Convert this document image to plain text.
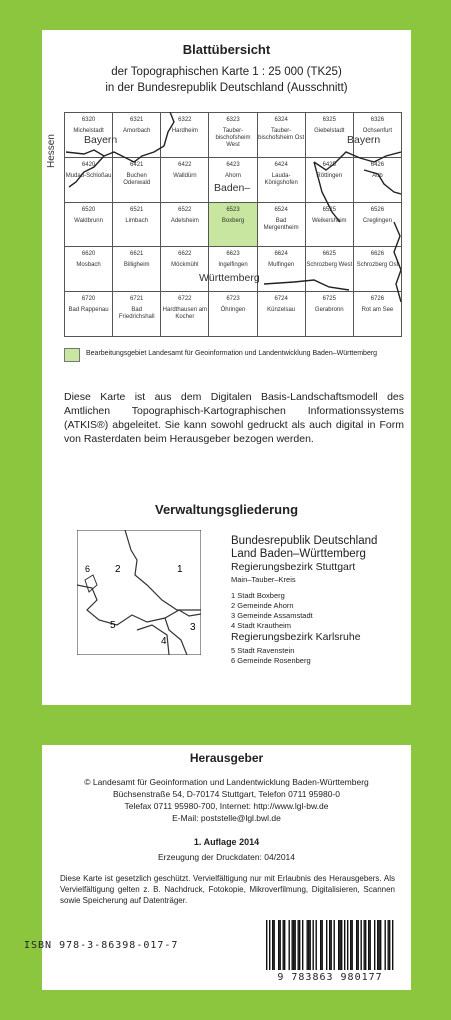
Blattübersicht
der Topographischen Karte 1 : 25 000 (TK25)
in der Bundesrepublik Deutschland (Ausschnitt)
6320
Michelstadt
6321
Amorbach
6322
Hardheim
6323
Tauber-bischofsheim West
6324
Tauber-bischofsheim Ost
6325
Giebelstadt
6326
Ochsenfurt
6420
Mudau-Schloßau
6421
Buchen Odenwald
6422
Walldürn
6423
Ahorn
6424
Lauda-Königshofen
6425
Röttingen
6426
Aub
6520
Waldbrunn
6521
Limbach
6522
Adelsheim
6523
Boxberg
6524
Bad Mergentheim
6525
Weikersheim
6526
Creglingen
6620
Mosbach
6621
Billigheim
6622
Möckmühl
6623
Ingelfingen
6624
Mulfingen
6625
Schrozberg West
6626
Schrozberg Ost
6720
Bad Rappenau
6721
Bad Friedrichshall
6722
Hardthausen am Kocher
6723
Öhringen
6724
Künzelsau
6725
Gerabronn
6726
Rot am See
Hessen	Bayern	Bayern
Baden–
Württemberg
Bearbeitungsgebiet Landesamt für Geoinformation und Landentwicklung Baden–Württemberg
Diese Karte ist aus dem Digitalen Basis-Landschaftsmodell des Amtlichen Topographisch-Kartographischen Informationssystems (ATKIS®) abgeleitet. Sie kann sowohl gedruckt als auch digital in Form von Rasterdaten beim Herausgeber bezogen werden.
Verwaltungsgliederung
1
2
3
4
5
6
Bundesrepublik Deutschland
Land Baden–Württemberg
Regierungsbezirk Stuttgart
Main–Tauber–Kreis
1 Stadt Boxberg
2 Gemeinde Ahorn
3 Gemeinde Assamstadt
4 Stadt Krautheim
Regierungsbezirk Karlsruhe
5 Stadt Ravenstein
6 Gemeinde Rosenberg
Herausgeber
© Landesamt für Geoinformation und Landentwicklung Baden-Württemberg
Büchsenstraße 54, D-70174 Stuttgart, Telefon 0711 95980-0
Telefax 0711 95980-700, Internet: http://www.lgl-bw.de
E-Mail: poststelle@lgl.bwl.de
1. Auflage 2014
Erzeugung der Druckdaten: 04/2014
Diese Karte ist gesetzlich geschützt. Vervielfältigung nur mit Erlaubnis des Herausgebers. Als Vervielfältigung gelten z. B. Nachdruck, Fotokopie, Mikroverfilmung, Digitalisieren, Scannen sowie Speicherung auf Datenträger.
ISBN 978-3-86398-017-7
9 783863 980177
